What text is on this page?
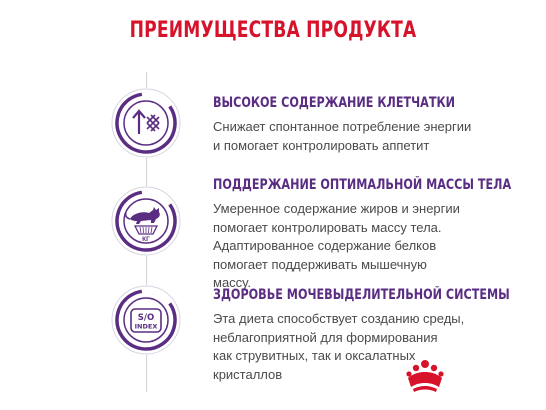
ПРЕИМУЩЕСТВА ПРОДУКТА
КГ
S/O
INDEX
ВЫСОКОЕ СОДЕРЖАНИЕ КЛЕТЧАТКИ
Снижает спонтанное потребление энергии
и помогает контролировать аппетит
ПОДДЕРЖАНИЕ ОПТИМАЛЬНОЙ МАССЫ ТЕЛА
Умеренное содержание жиров и энергии
помогает контролировать массу тела.
Адаптированное содержание белков
помогает поддерживать мышечную
массу.
ЗДОРОВЬЕ МОЧЕВЫДЕЛИТЕЛЬНОЙ СИСТЕМЫ
Эта диета способствует созданию среды,
неблагоприятной для формирования
как струвитных, так и оксалатных
кристаллов
